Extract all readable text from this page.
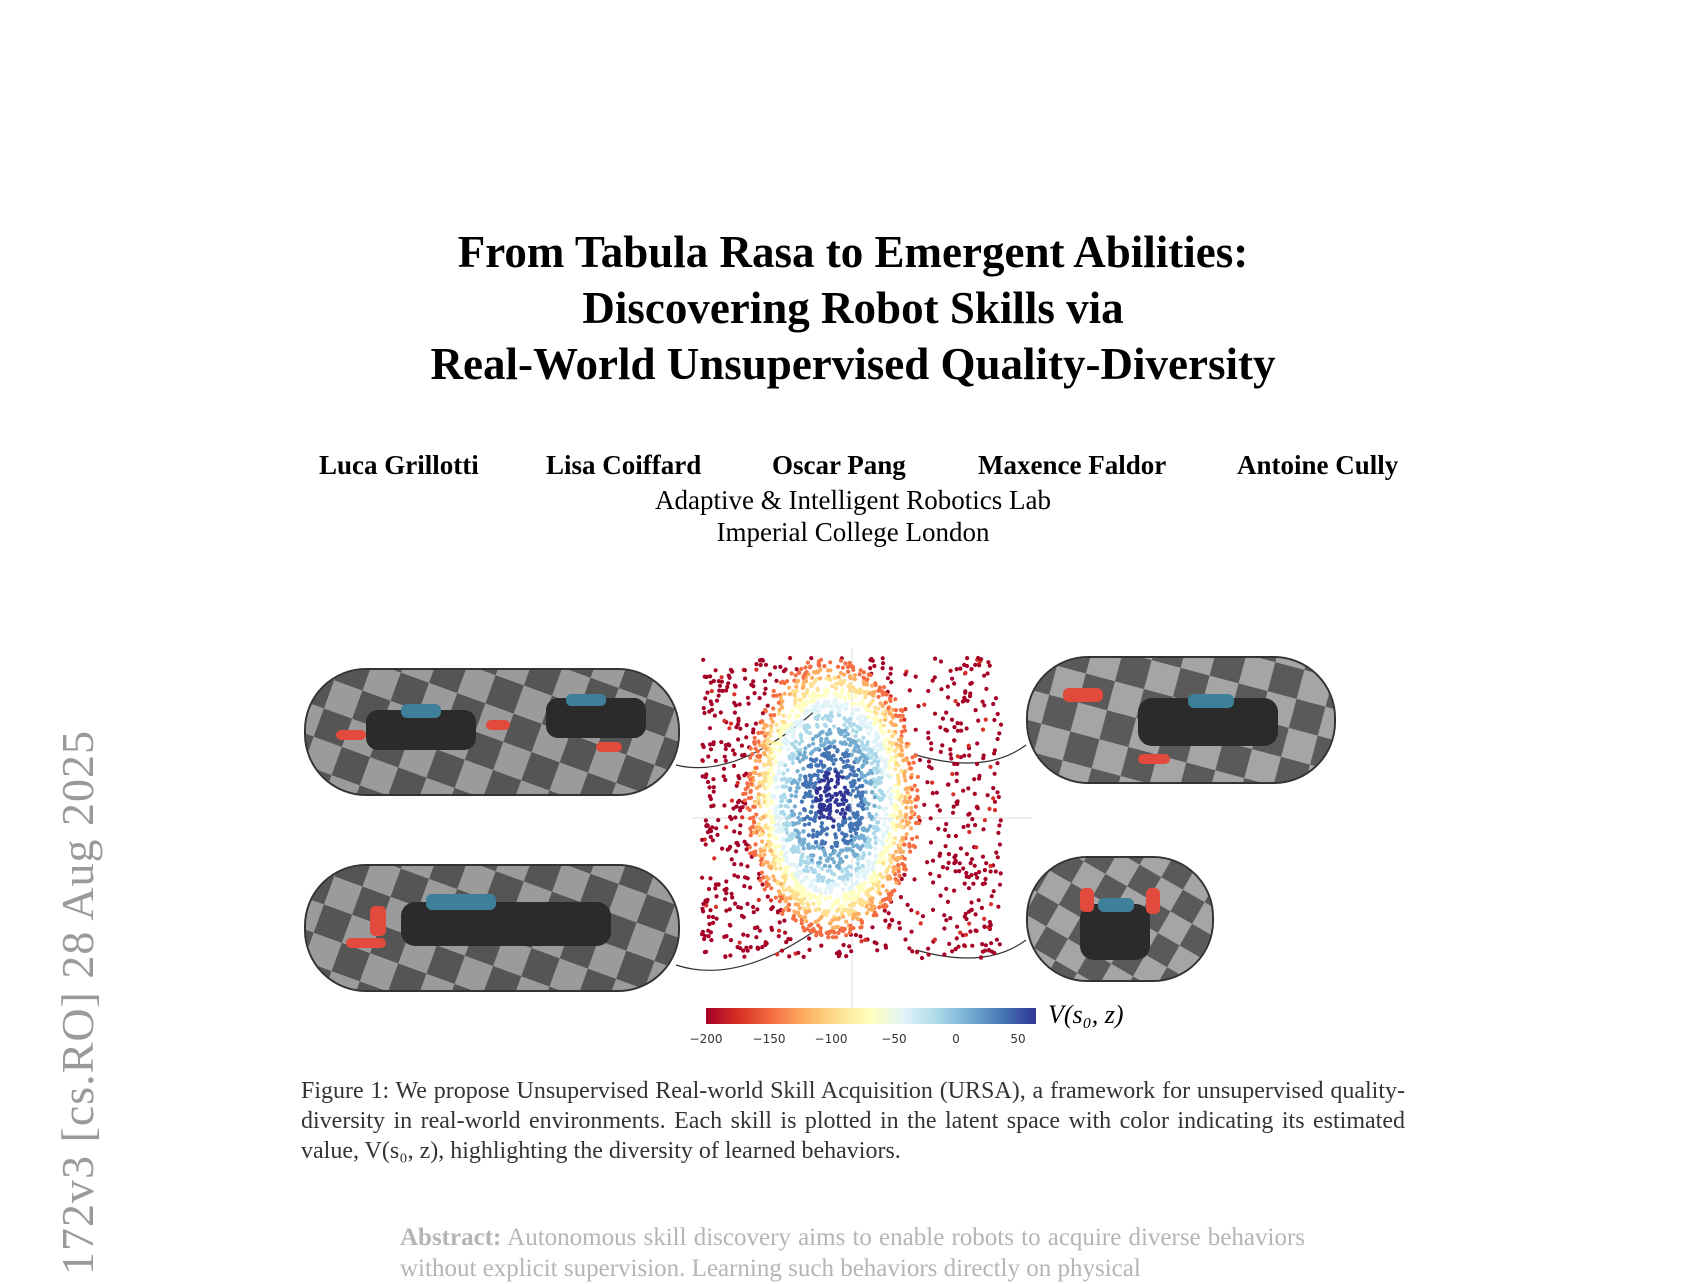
172v3 [cs.RO] 28 Aug 2025
From Tabula Rasa to Emergent Abilities:
Discovering Robot Skills via
Real-World Unsupervised Quality-Diversity
Luca Grillotti Lisa Coiffard	Oscar Pang	Maxence Faldor	Antoine Cully
Adaptive & Intelligent Robotics Lab
Imperial College London
V(s₀, z)
−200	−150 −100	−50	0	50
Figure 1: We propose Unsupervised Real-world Skill Acquisition (URSA), a framework for unsupervised quality-diversity in real-world environments. Each skill is plotted in the latent space with color indicating its estimated value, V(s₀, z), highlighting the diversity of learned behaviors.
Abstract: Autonomous skill discovery aims to enable robots to acquire diverse behaviors without explicit supervision. Learning such behaviors directly on physical
